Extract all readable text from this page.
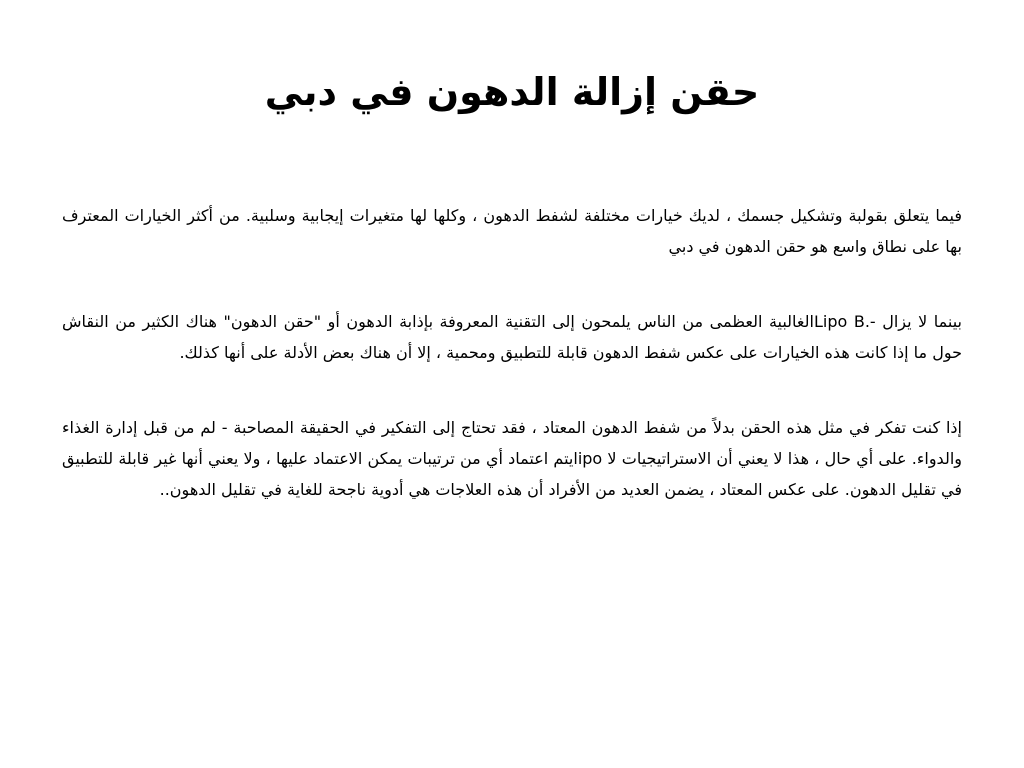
حقن إزالة الدهون في دبي

فيما يتعلق بقولبة وتشكيل جسمك ، لديك خيارات مختلفة لشفط الدهون ، وكلها لها متغيرات إيجابية وسلبية. من أكثر الخيارات المعترف بها على نطاق واسع هو حقن الدهون في دبي

بينما لا يزال -.Lipo Bالغالبية العظمى من الناس يلمحون إلى التقنية المعروفة بإذابة الدهون أو "حقن الدهون" هناك الكثير من النقاش حول ما إذا كانت هذه الخيارات على عكس شفط الدهون قابلة للتطبيق ومحمية ، إلا أن هناك بعض الأدلة على أنها كذلك.

إذا كنت تفكر في مثل هذه الحقن بدلاً من شفط الدهون المعتاد ، فقد تحتاج إلى التفكير في الحقيقة المصاحبة - لم من قبل إدارة الغذاء والدواء. على أي حال ، هذا لا يعني أن الاستراتيجيات لا lipoيتم اعتماد أي من ترتيبات يمكن الاعتماد عليها ، ولا يعني أنها غير قابلة للتطبيق في تقليل الدهون. على عكس المعتاد ، يضمن العديد من الأفراد أن هذه العلاجات هي أدوية ناجحة للغاية في تقليل الدهون..
